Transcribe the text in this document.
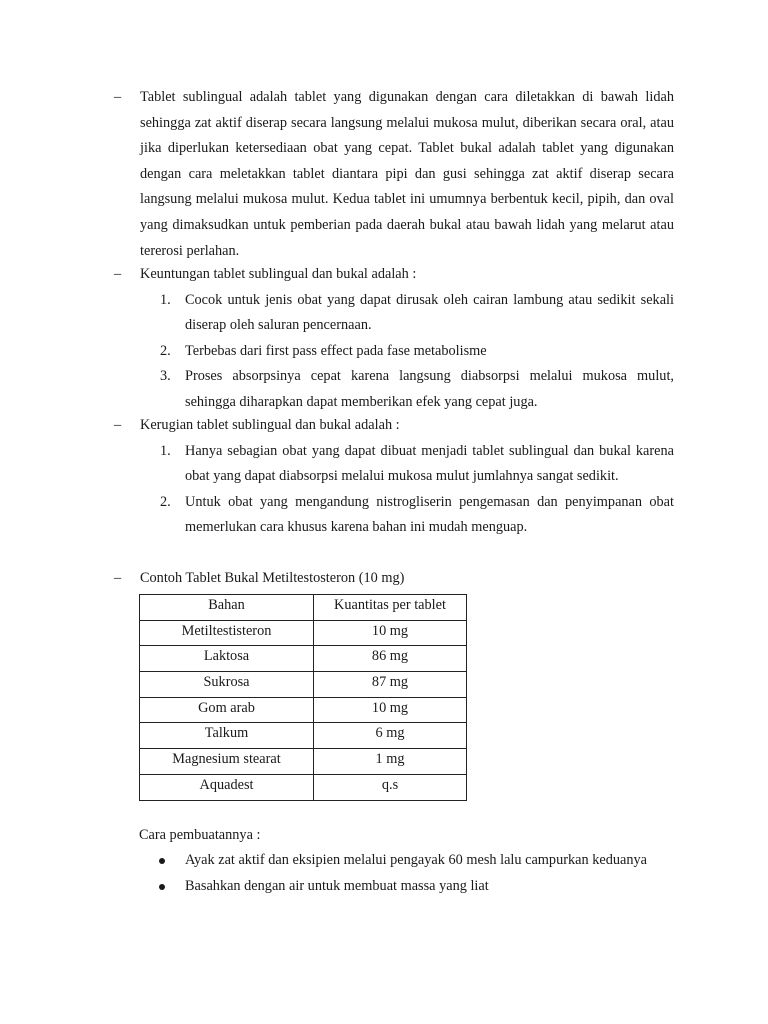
–	Tablet sublingual adalah tablet yang digunakan dengan cara diletakkan di bawah lidah sehingga zat aktif diserap secara langsung melalui mukosa mulut, diberikan secara oral, atau jika diperlukan ketersediaan obat yang cepat. Tablet bukal adalah tablet yang digunakan dengan cara meletakkan tablet diantara pipi dan gusi sehingga zat aktif diserap secara langsung melalui mukosa mulut. Kedua tablet ini umumnya berbentuk kecil, pipih, dan oval yang dimaksudkan untuk pemberian pada daerah bukal atau bawah lidah yang melarut atau tererosi perlahan.
–	Keuntungan tablet sublingual dan bukal adalah :
1. Cocok untuk jenis obat yang dapat dirusak oleh cairan lambung atau sedikit sekali diserap oleh saluran pencernaan.
2. Terbebas dari first pass effect pada fase metabolisme
3. Proses absorpsinya cepat karena langsung diabsorpsi melalui mukosa mulut, sehingga diharapkan dapat memberikan efek yang cepat juga.
–	Kerugian tablet sublingual dan bukal adalah :
1. Hanya sebagian obat yang dapat dibuat menjadi tablet sublingual dan bukal karena obat yang dapat diabsorpsi melalui mukosa mulut jumlahnya sangat sedikit.
2. Untuk obat yang mengandung nistrogliserin pengemasan dan penyimpanan obat memerlukan cara khusus karena bahan ini mudah menguap.
–	Contoh Tablet Bukal Metiltestosteron (10 mg)
Bahan	Kuantitas per tablet
Metiltestisteron	10 mg
Laktosa	86 mg
Sukrosa	87 mg
Gom arab	10 mg
Talkum	6 mg
Magnesium stearat	1 mg
Aquadest	q.s
Cara pembuatannya :
Ayak zat aktif dan eksipien melalui pengayak 60 mesh lalu campurkan keduanya
Basahkan dengan air untuk membuat massa yang liat
